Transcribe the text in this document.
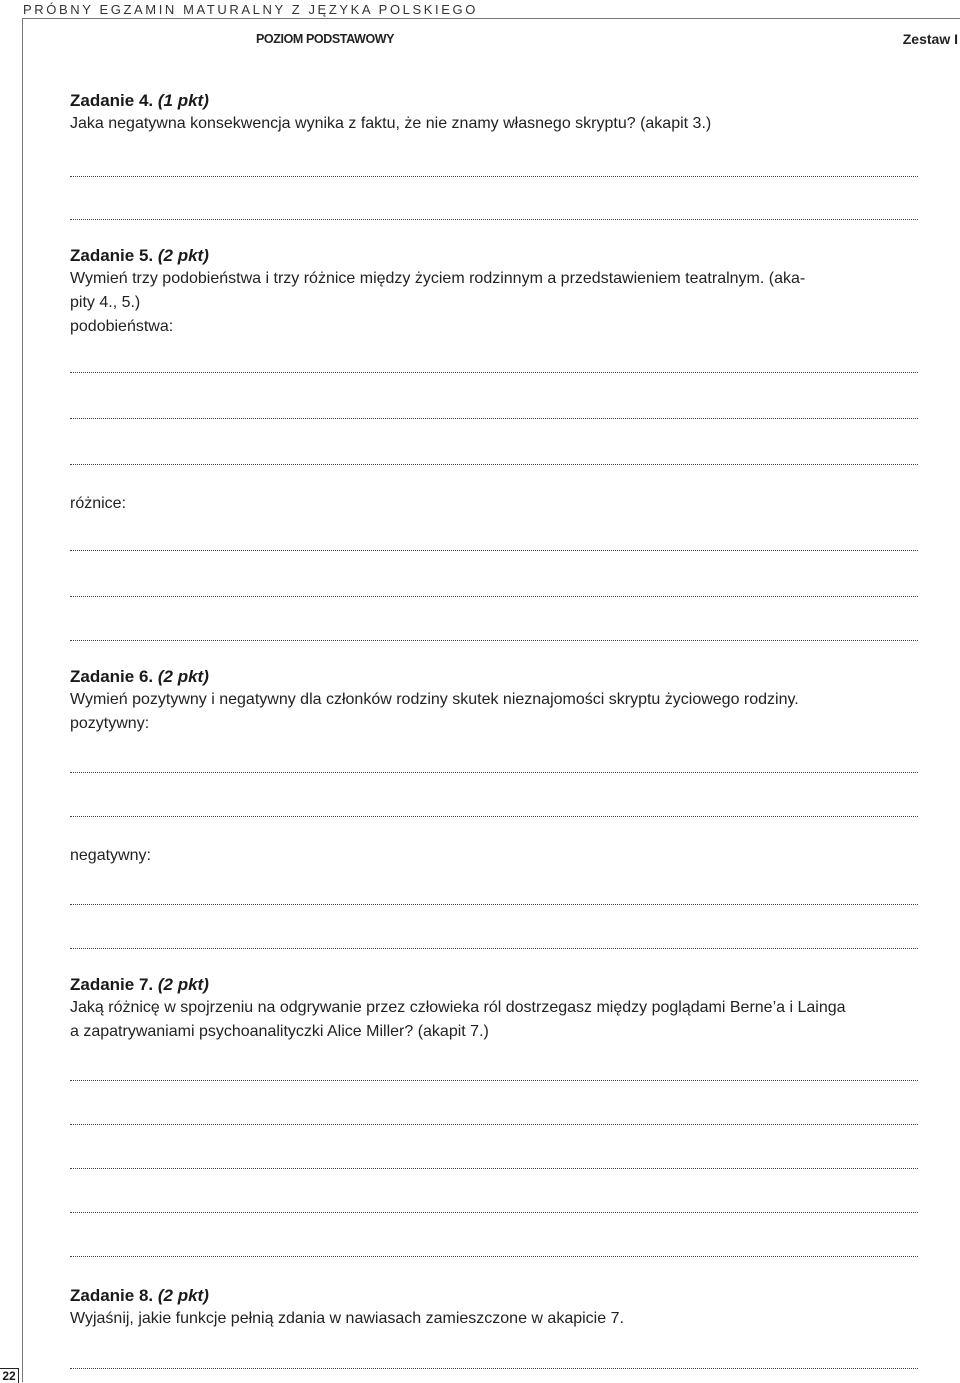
PRÓBNY EGZAMIN MATURALNY Z JĘZYKA POLSKIEGO
POZIOM PODSTAWOWY	Zestaw I

Zadanie 4. (1 pkt)

Jaka negatywna konsekwencja wynika z faktu, że nie znamy własnego skryptu? (akapit 3.)

Zadanie 5. (2 pkt)

Wymień trzy podobieństwa i trzy różnice między życiem rodzinnym a przedstawieniem teatralnym. (aka-

pity 4., 5.)

podobieństwa:
różnice:

Zadanie 6. (2 pkt)

Wymień pozytywny i negatywny dla członków rodziny skutek nieznajomości skryptu życiowego rodziny.

pozytywny:
negatywny:

Zadanie 7. (2 pkt)

Jaką różnicę w spojrzeniu na odgrywanie przez człowieka ról dostrzegasz między poglądami Berne’a i Lainga

a zapatrywaniami psychoanalityczki Alice Miller? (akapit 7.)

Zadanie 8. (2 pkt)

Wyjaśnij, jakie funkcje pełnią zdania w nawiasach zamieszczone w akapicie 7.

22
